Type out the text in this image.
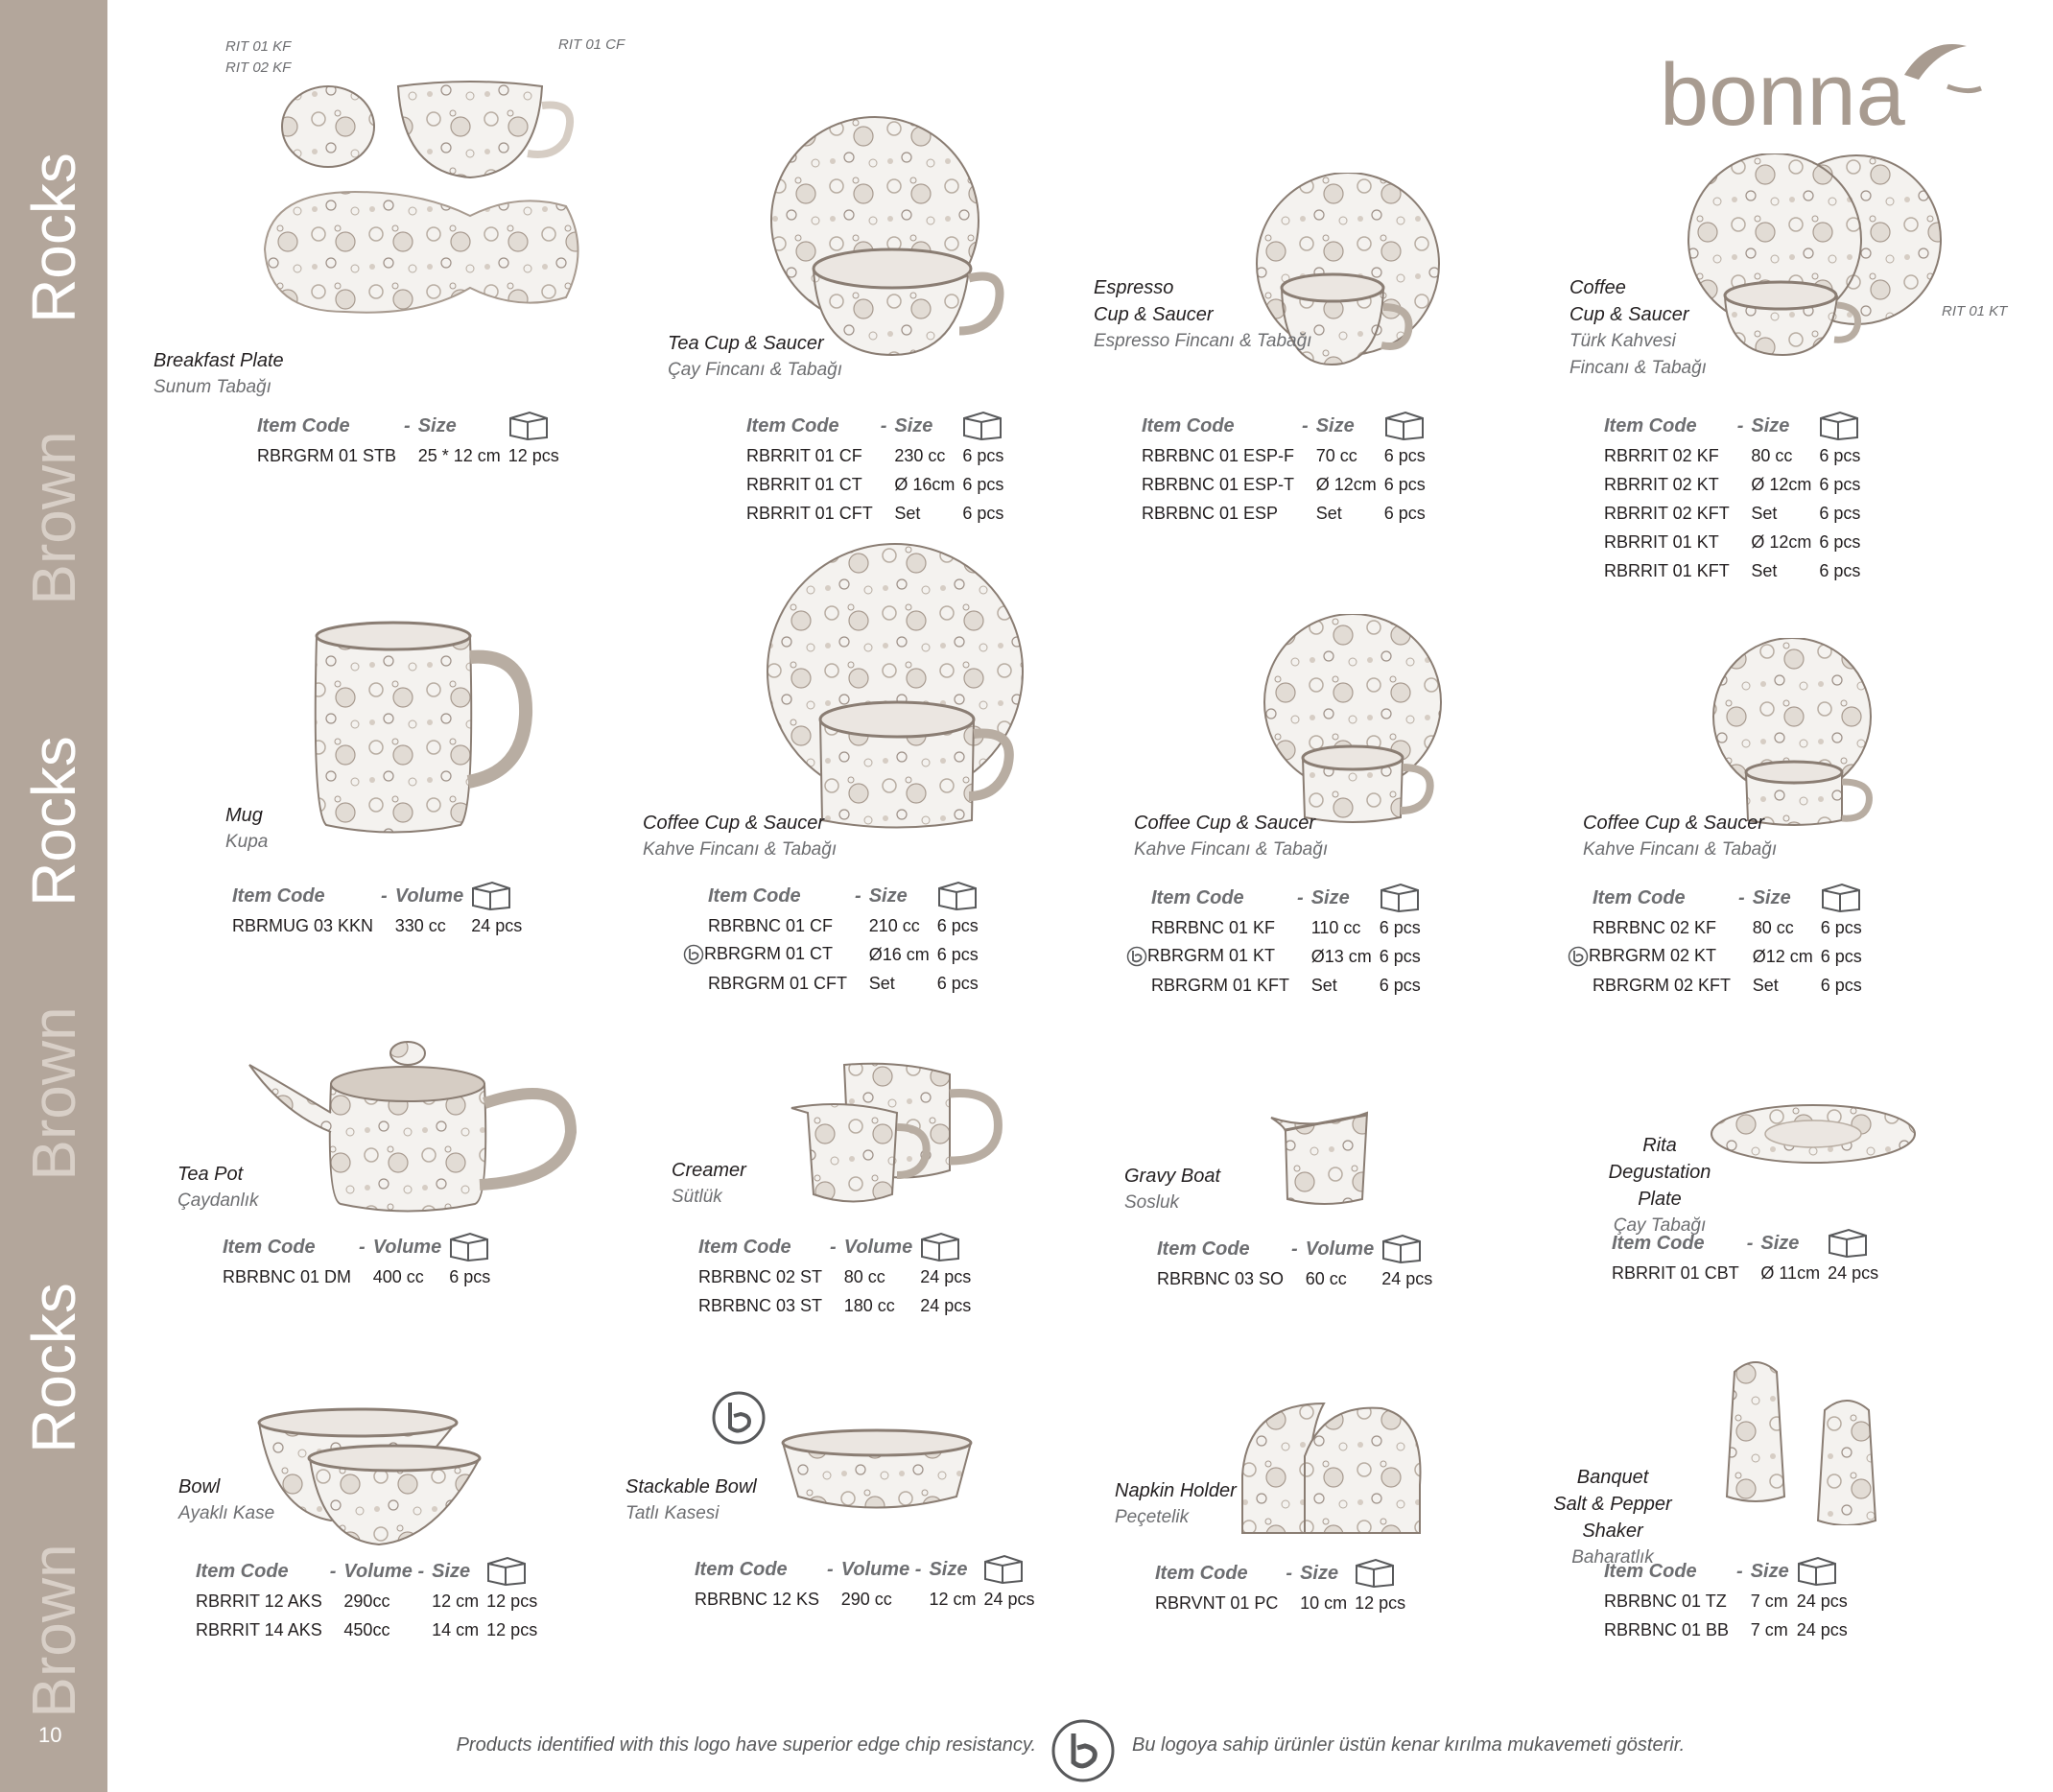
Rocks
Brown
Rocks
Brown
Rocks
Brown
10
bonna
RIT 01 KF
RIT 02 KF
RIT 01 CF
Breakfast Plate
Sunum Tabağı
Item Code	-	Size	
RBRGRM 01 STB		25 * 12 cm	12 pcs
Tea Cup & Saucer
Çay Fincanı & Tabağı
Item Code	-	Size	
RBRRIT 01 CF		230 cc	6 pcs
RBRRIT 01 CT		Ø 16cm	6 pcs
RBRRIT 01 CFT		Set	6 pcs
Espresso
Cup & Saucer
Espresso Fincanı & Tabağı
Item Code	-	Size	
RBRBNC 01 ESP-F		70 cc	6 pcs
RBRBNC 01 ESP-T		Ø 12cm	6 pcs
RBRBNC 01 ESP		Set	6 pcs
RIT 01 KT
Coffee
Cup & Saucer
Türk Kahvesi
Fincanı & Tabağı
Item Code	-	Size	
RBRRIT 02 KF		80 cc	6 pcs
RBRRIT 02 KT		Ø 12cm	6 pcs
RBRRIT 02 KFT		Set	6 pcs
RBRRIT 01 KT		Ø 12cm	6 pcs
RBRRIT 01 KFT		Set	6 pcs
Mug
Kupa
Item Code	-	Volume	
RBRMUG 03 KKN		330 cc	24 pcs
Coffee Cup & Saucer
Kahve Fincanı & Tabağı
Item Code	-	Size	
RBRBNC 01 CF		210 cc	6 pcs
RBRGRM 01 CT		Ø16 cm	6 pcs
RBRGRM 01 CFT		Set	6 pcs
Coffee Cup & Saucer
Kahve Fincanı & Tabağı
Item Code	-	Size	
RBRBNC 01 KF		110 cc	6 pcs
RBRGRM 01 KT		Ø13 cm	6 pcs
RBRGRM 01 KFT		Set	6 pcs
Coffee Cup & Saucer
Kahve Fincanı & Tabağı
Item Code	-	Size	
RBRBNC 02 KF		80 cc	6 pcs
RBRGRM 02 KT		Ø12 cm	6 pcs
RBRGRM 02 KFT		Set	6 pcs
Tea Pot
Çaydanlık
Item Code	-	Volume	
RBRBNC 01 DM		400 cc	6 pcs
Creamer
Sütlük
Item Code	-	Volume	
RBRBNC 02 ST		80 cc	24 pcs
RBRBNC 03 ST		180 cc	24 pcs
Gravy Boat
Sosluk
Item Code	-	Volume	
RBRBNC 03 SO		60 cc	24 pcs
Rita
Degustation Plate
Çay Tabağı
Item Code	-	Size	
RBRRIT 01 CBT		Ø 11cm	24 pcs
Bowl
Ayaklı Kase
Item Code	-	Volume -	Size	
RBRRIT 12 AKS		290cc	12 cm	12 pcs
RBRRIT 14 AKS		450cc	14 cm	12 pcs
Stackable Bowl
Tatlı Kasesi
Item Code	-	Volume -	Size	
RBRBNC 12 KS		290 cc	12 cm	24 pcs
Napkin Holder
Peçetelik
Item Code	-	Size	
RBRVNT 01 PC		10 cm	12 pcs
Banquet
Salt & Pepper Shaker
Baharatlık
Item Code	-	Size	
RBRBNC 01 TZ		7 cm	24 pcs
RBRBNC 01 BB		7 cm	24 pcs
Products identified with this logo have superior edge chip resistancy.	Bu logoya sahip ürünler üstün kenar kırılma mukavemeti gösterir.
